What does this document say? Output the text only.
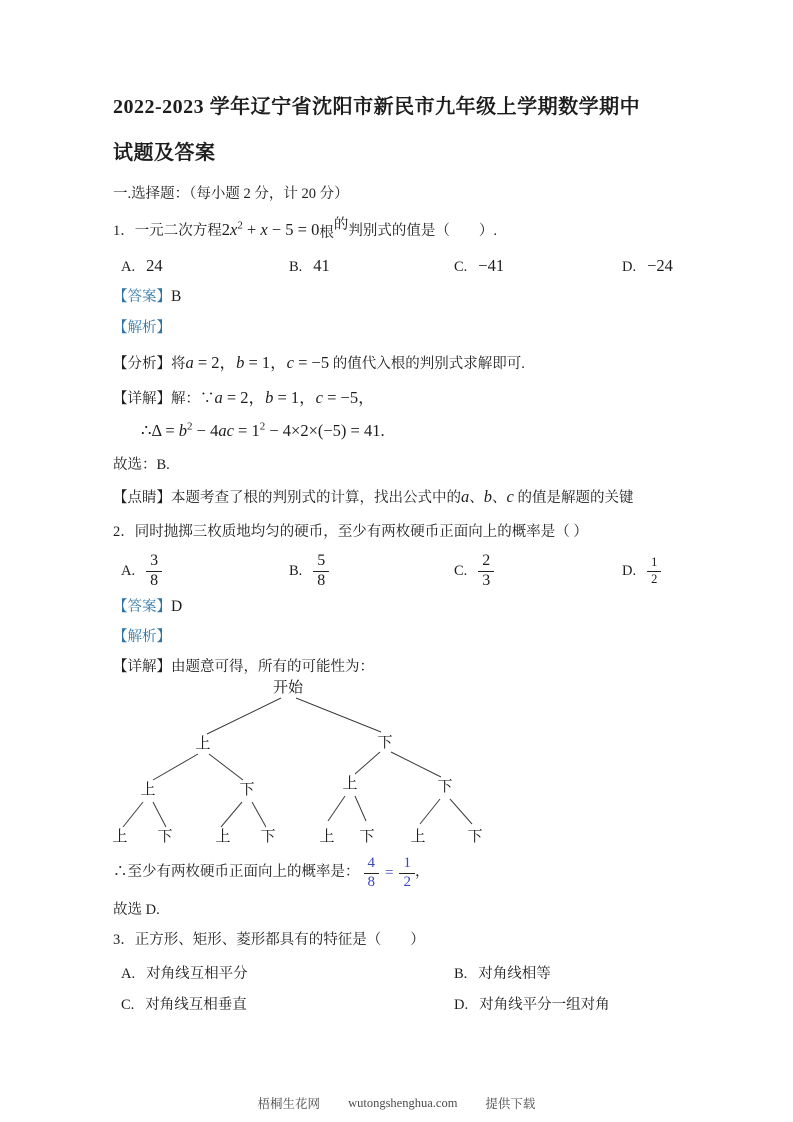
2022-2023 学年辽宁省沈阳市新民市九年级上学期数学期中
试题及答案
一.选择题：（每小题 2 分，计 20 分）
1．一元二次方程$2x^2 + x - 5 = 0$根的判别式的值是（　　）.
A. 24	B. 41	C. −41	D. −24
【答案】B
【解析】
【分析】将a = 2，b = 1，c = −5 的值代入根的判别式求解即可.
【详解】解：∵a = 2，b = 1，c = −5，
∴Δ = $b^2 - 4ac = 1^2 - 4\times 2\times(-5) = 41$.
故选：B.
【点睛】本题考查了根的判别式的计算，找出公式中的a、b、c 的值是解题的关键
2．同时抛掷三枚质地均匀的硬币，至少有两枚硬币正面向上的概率是（ ）
A. $\frac{3}{8}$	B. $\frac{5}{8}$	C. $\frac{2}{3}$	D. $\frac{1}{2}$
【答案】D
【解析】
【详解】由题意可得，所有的可能性为：
开始
上	下
上	下	上	下
上 下	上 下	上 下 上	下
∴至少有两枚硬币正面向上的概率是： $\frac{4}{8} = \frac{1}{2}$ ，
故选 D.
3．正方形、矩形、菱形都具有的特征是（　　）
A. 对角线互相平分	B. 对角线相等
C. 对角线互相垂直	D. 对角线平分一组对角
梧桐生花网 wutongshenghua.com 提供下载
